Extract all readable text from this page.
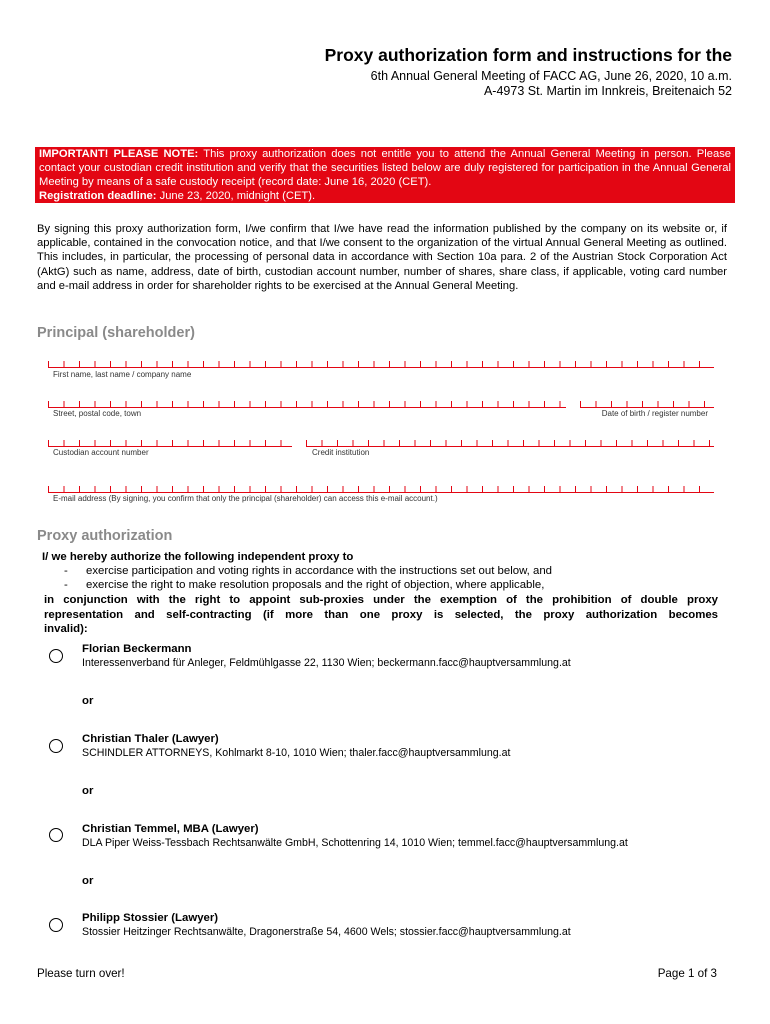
Proxy authorization form and instructions for the
6th Annual General Meeting of FACC AG, June 26, 2020, 10 a.m.
A-4973 St. Martin im Innkreis, Breitenaich 52
IMPORTANT! PLEASE NOTE: This proxy authorization does not entitle you to attend the Annual General Meeting in person. Please contact your custodian credit institution and verify that the securities listed below are duly registered for participation in the Annual General Meeting by means of a safe custody receipt (record date: June 16, 2020 (CET).
Registration deadline: June 23, 2020, midnight (CET).
By signing this proxy authorization form, I/we confirm that I/we have read the information published by the company on its website or, if applicable, contained in the convocation notice, and that I/we consent to the organization of the virtual Annual General Meeting as outlined. This includes, in particular, the processing of personal data in accordance with Section 10a para. 2 of the Austrian Stock Corporation Act (AktG) such as name, address, date of birth, custodian account number, number of shares, share class, if applicable, voting card number and e-mail address in order for shareholder rights to be exercised at the Annual General Meeting.
Principal (shareholder)
First name, last name / company name
Street, postal code, town	Date of birth / register number
Custodian account number	Credit institution
E-mail address (By signing, you confirm that only the principal (shareholder) can access this e-mail account.)
Proxy authorization
I/ we hereby authorize the following independent proxy to
- exercise participation and voting rights in accordance with the instructions set out below, and
- exercise the right to make resolution proposals and the right of objection, where applicable,
in conjunction with the right to appoint sub-proxies under the exemption of the prohibition of double proxy
representation and self-contracting (if more than one proxy is selected, the proxy authorization becomes
invalid):
Florian Beckermann
Interessenverband für Anleger, Feldmühlgasse 22, 1130 Wien; beckermann.facc@hauptversammlung.at
or
Christian Thaler (Lawyer)
SCHINDLER ATTORNEYS, Kohlmarkt 8-10, 1010 Wien; thaler.facc@hauptversammlung.at
or
Christian Temmel, MBA (Lawyer)
DLA Piper Weiss-Tessbach Rechtsanwälte GmbH, Schottenring 14, 1010 Wien; temmel.facc@hauptversammlung.at
or
Philipp Stossier (Lawyer)
Stossier Heitzinger Rechtsanwälte, Dragonerstraße 54, 4600 Wels; stossier.facc@hauptversammlung.at
Please turn over!	Page 1 of 3
